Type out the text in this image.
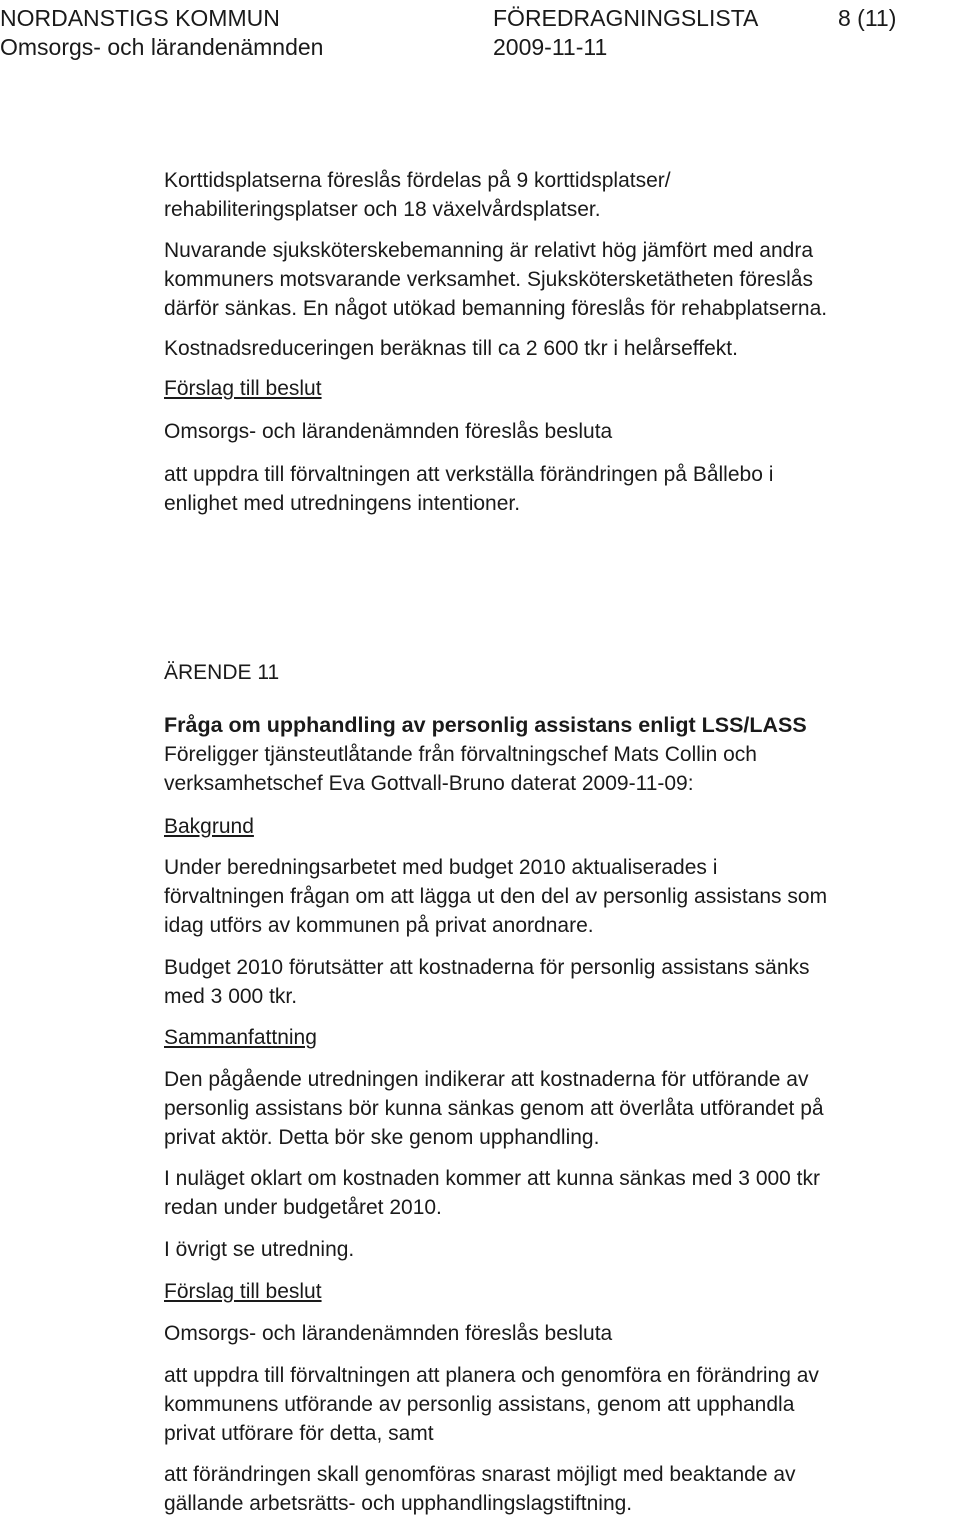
NORDANSTIGS KOMMUN

Omsorgs- och lärandenämnden

FÖREDRAGNINGSLISTA

2009-11-11

8 (11)

Korttidsplatserna föreslås fördelas på 9 korttidsplatser/

rehabiliteringsplatser och 18 växelvårdsplatser.

Nuvarande sjuksköterskebemanning är relativt hög jämfört med andra

kommuners motsvarande verksamhet. Sjukskötersketätheten föreslås

därför sänkas. En något utökad bemanning föreslås för rehabplatserna.

Kostnadsreduceringen beräknas till ca 2 600 tkr i helårseffekt.

Förslag till beslut

Omsorgs- och lärandenämnden föreslås besluta

att uppdra till förvaltningen att verkställa förändringen på Bållebo i

enlighet med utredningens intentioner.

ÄRENDE 11

Fråga om upphandling av personlig assistans enligt LSS/LASS

Föreligger tjänsteutlåtande från förvaltningschef Mats Collin och

verksamhetschef Eva Gottvall-Bruno daterat 2009-11-09:

Bakgrund

Under beredningsarbetet med budget 2010 aktualiserades i

förvaltningen frågan om att lägga ut den del av personlig assistans som

idag utförs av kommunen på privat anordnare.

Budget 2010 förutsätter att kostnaderna för personlig assistans sänks

med 3 000 tkr.

Sammanfattning

Den pågående utredningen indikerar att kostnaderna för utförande av

personlig assistans bör kunna sänkas genom att överlåta utförandet på

privat aktör. Detta bör ske genom upphandling.

I nuläget oklart om kostnaden kommer att kunna sänkas med 3 000 tkr

redan under budgetåret 2010.

I övrigt se utredning.

Förslag till beslut

Omsorgs- och lärandenämnden föreslås besluta

att uppdra till förvaltningen att planera och genomföra en förändring av

kommunens utförande av personlig assistans, genom att upphandla

privat utförare för detta, samt

att förändringen skall genomföras snarast möjligt med beaktande av

gällande arbetsrätts- och upphandlingslagstiftning.
